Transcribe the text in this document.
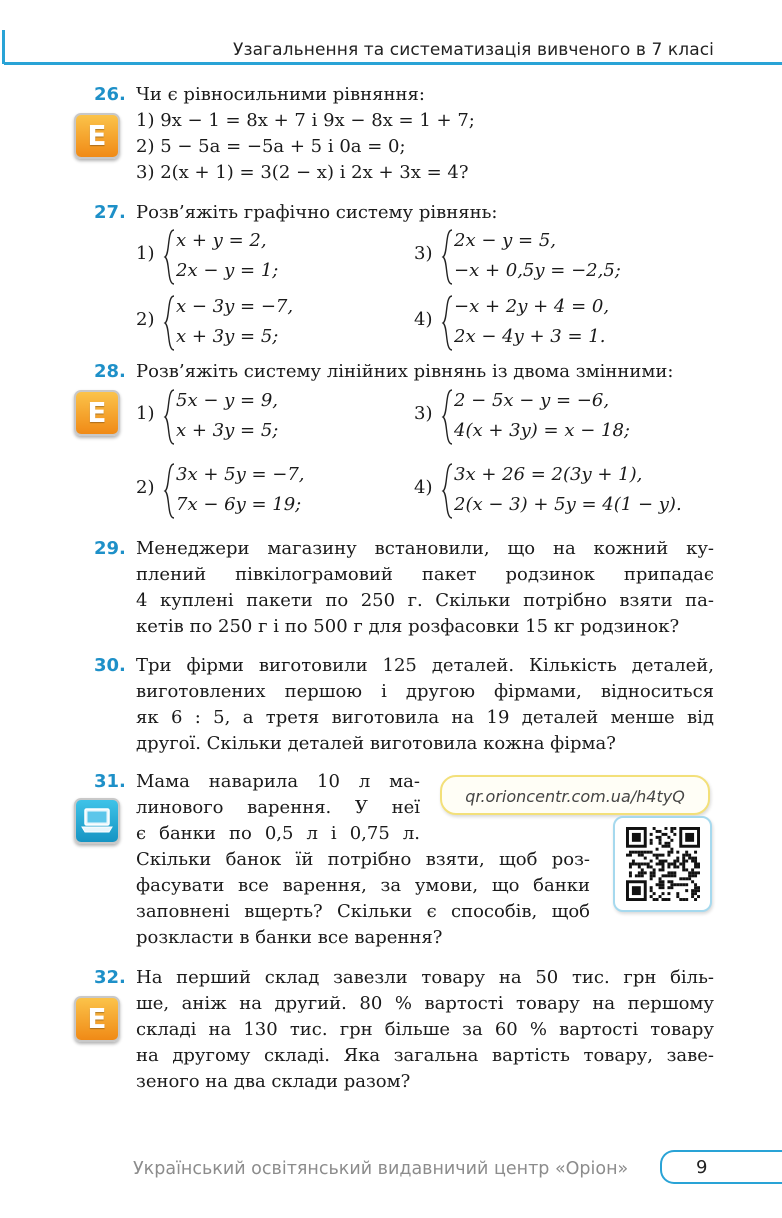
Узагальнення та систематизація вивченого в 7 класі
26. Чи є рівносильними рівняння:
E	1) 9x − 1 = 8x + 7 і 9x − 8x = 1 + 7;
2) 5 − 5a = −5a + 5 і 0a = 0;
3) 2(x + 1) = 3(2 − x) і 2x + 3x = 4?
27. Розв’яжіть графічно систему рівнянь:
1)
x + y = 2,
2x − y = 1;
3)
2x − y = 5,
−x + 0,5y = −2,5;
2)
x − 3y = −7,
x + 3y = 5;
4)
−x + 2y + 4 = 0,
2x − 4y + 3 = 1.
28. Розв’яжіть систему лінійних рівнянь із двома змінними:
E	1)
5x − y = 9,
x + 3y = 5;
3)
2 − 5x − y = −6,
4(x + 3y) = x − 18;
2)
3x + 5y = −7,
7x − 6y = 19;
4)
3x + 26 = 2(3y + 1),
2(x − 3) + 5y = 4(1 − y).
29. Менеджери магазину встановили, що на кожний ку-
плений півкілограмовий пакет родзинок припадає
4 куплені пакети по 250 г. Скільки потрібно взяти па-
кетів по 250 г і по 500 г для розфасовки 15 кг родзинок?
30. Три фірми виготовили 125 деталей. Кількість деталей,
виготовлених першою і другою фірмами, відноситься
як 6 : 5, а третя виготовила на 19 деталей менше від
другої. Скільки деталей виготовила кожна фірма?
31. Мама наварила 10 л ма-
линового варення. У неї
є банки по 0,5 л і 0,75 л.
Скільки банок їй потрібно взяти, щоб роз-
фасувати все варення, за умови, що банки
заповнені вщерть? Скільки є способів, щоб
розкласти в банки все варення?
qr.orioncentr.com.ua/h4tyQ
32.
E
На перший склад завезли товару на 50 тис. грн біль-
ше, аніж на другий. 80 % вартості товару на першому
складі на 130 тис. грн більше за 60 % вартості товару
на другому складі. Яка загальна вартість товару, заве-
зеного на два склади разом?
Український освітянський видавничий центр «Оріон»	9
